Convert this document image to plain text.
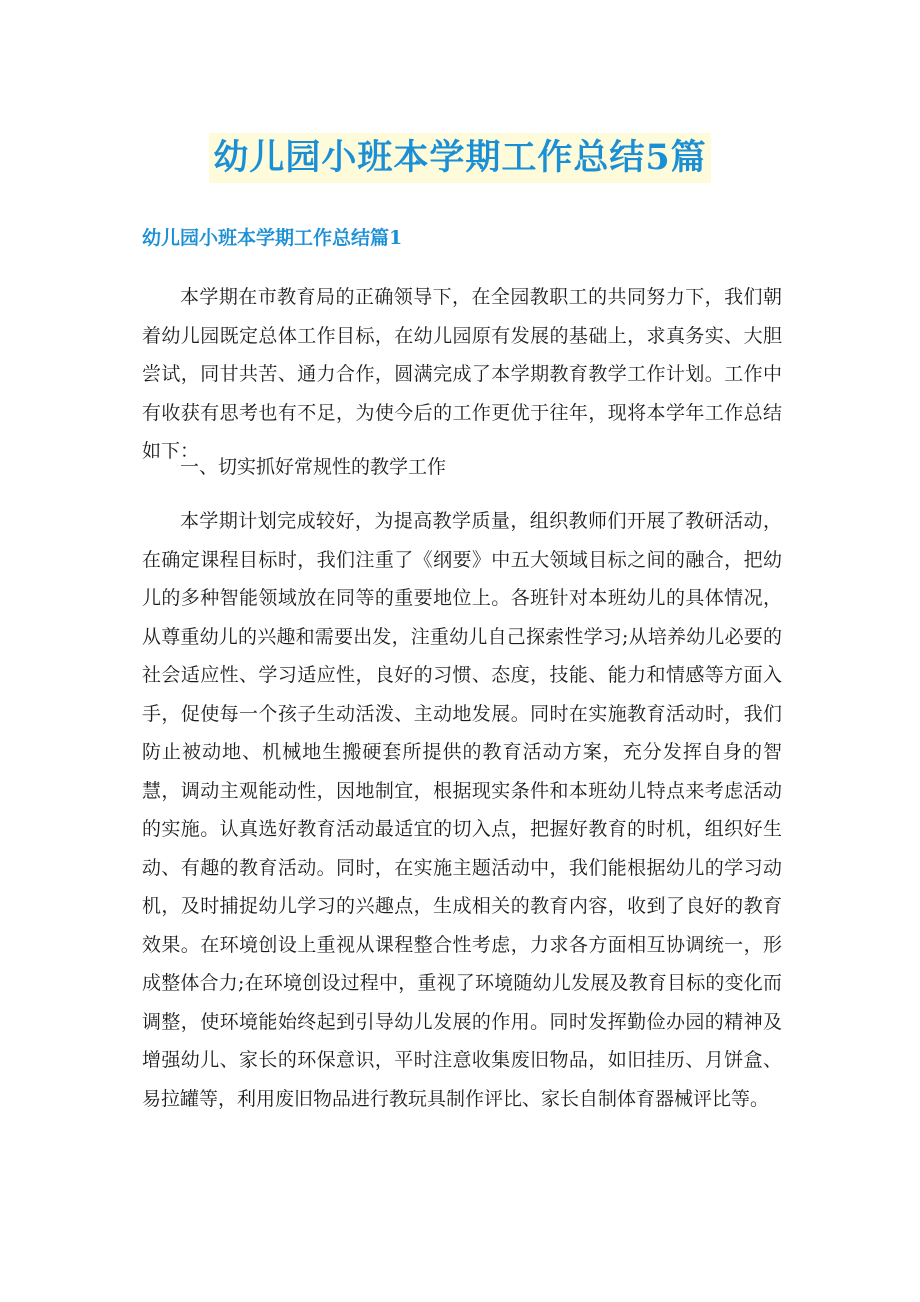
幼儿园小班本学期工作总结5篇
幼儿园小班本学期工作总结篇1

本学期在市教育局的正确领导下，在全园教职工的共同努力下，我们朝着幼儿园既定总体工作目标，在幼儿园原有发展的基础上，求真务实、大胆尝试，同甘共苦、通力合作，圆满完成了本学期教育教学工作计划。工作中有收获有思考也有不足，为使今后的工作更优于往年，现将本学年工作总结如下：

一、切实抓好常规性的教学工作

本学期计划完成较好，为提高教学质量，组织教师们开展了教研活动，在确定课程目标时，我们注重了《纲要》中五大领域目标之间的融合，把幼儿的多种智能领域放在同等的重要地位上。各班针对本班幼儿的具体情况，从尊重幼儿的兴趣和需要出发，注重幼儿自己探索性学习;从培养幼儿必要的社会适应性、学习适应性，良好的习惯、态度，技能、能力和情感等方面入手，促使每一个孩子生动活泼、主动地发展。同时在实施教育活动时，我们防止被动地、机械地生搬硬套所提供的教育活动方案，充分发挥自身的智慧，调动主观能动性，因地制宜，根据现实条件和本班幼儿特点来考虑活动的实施。认真选好教育活动最适宜的切入点，把握好教育的时机，组织好生动、有趣的教育活动。同时，在实施主题活动中，我们能根据幼儿的学习动机，及时捕捉幼儿学习的兴趣点，生成相关的教育内容，收到了良好的教育效果。在环境创设上重视从课程整合性考虑，力求各方面相互协调统一，形成整体合力;在环境创设过程中，重视了环境随幼儿发展及教育目标的变化而调整，使环境能始终起到引导幼儿发展的作用。同时发挥勤俭办园的精神及增强幼儿、家长的环保意识，平时注意收集废旧物品，如旧挂历、月饼盒、易拉罐等，利用废旧物品进行教玩具制作评比、家长自制体育器械评比等。
